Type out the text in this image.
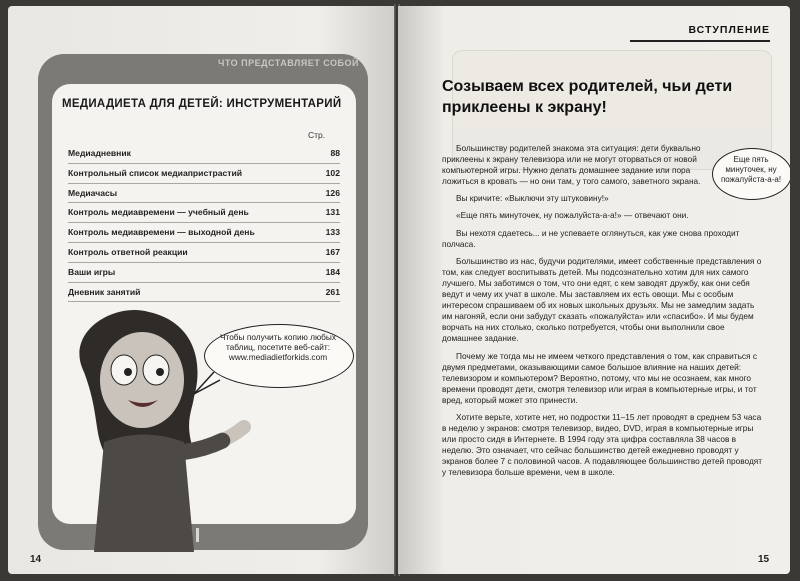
ЧТО ПРЕДСТАВЛЯЕТ СОБОЙ
МЕДИАДИЕТА ДЛЯ ДЕТЕЙ: ИНСТРУМЕНТАРИЙ
Стр.
Медиадневник	88
Контрольный список медиапристрастий	102
Медиачасы	126
Контроль медиавремени — учебный день	131
Контроль медиавремени — выходной день	133
Контроль ответной реакции	167
Ваши игры	184
Дневник занятий	261
Чтобы получить копию любых таблиц, посетите веб-сайт: www.mediadietforkids.com
14
ВСТУПЛЕНИЕ
Созываем всех родителей, чьи дети приклеены к экрану!
Еще пять минуточек, ну пожалуйста-а-а!

Большинству родителей знакома эта ситуация: дети буквально приклеены к экрану телевизора или не могут оторваться от новой компьютерной игры. Нужно делать домашнее задание или пора ложиться в кровать — но они там, у того самого, заветного экрана.

Вы кричите: «Выключи эту штуковину!»

«Еще пять минуточек, ну пожалуйста-а-а!» — отвечают они.

Вы нехотя сдаетесь... и не успеваете оглянуться, как уже снова проходит полчаса.

Большинство из нас, будучи родителями, имеет собственные представления о том, как следует воспитывать детей. Мы подсознательно хотим для них самого лучшего. Мы заботимся о том, что они едят, с кем заводят дружбу, как они себя ведут и чему их учат в школе. Мы заставляем их есть овощи. Мы с особым интересом спрашиваем об их новых школьных друзьях. Мы не замедлим задать им нагоняй, если они забудут сказать «пожалуйста» или «спасибо». И мы будем ворчать на них столько, сколько потребуется, чтобы они выполнили свое домашнее задание.

Почему же тогда мы не имеем четкого представления о том, как справиться с двумя предметами, оказывающими самое большое влияние на наших детей: телевизором и компьютером? Вероятно, потому, что мы не осознаем, как много времени проводят дети, смотря телевизор или играя в компьютерные игры, и тот вред, который может это принести.

Хотите верьте, хотите нет, но подростки 11–15 лет проводят в среднем 53 часа в неделю у экранов: смотря телевизор, видео, DVD, играя в компьютерные игры или просто сидя в Интернете. В 1994 году эта цифра составляла 38 часов в неделю. Это означает, что сейчас большинство детей ежедневно проводят у экранов более 7 с половиной часов. А подавляющее большинство детей проводят у телевизора больше времени, чем в школе.

15
